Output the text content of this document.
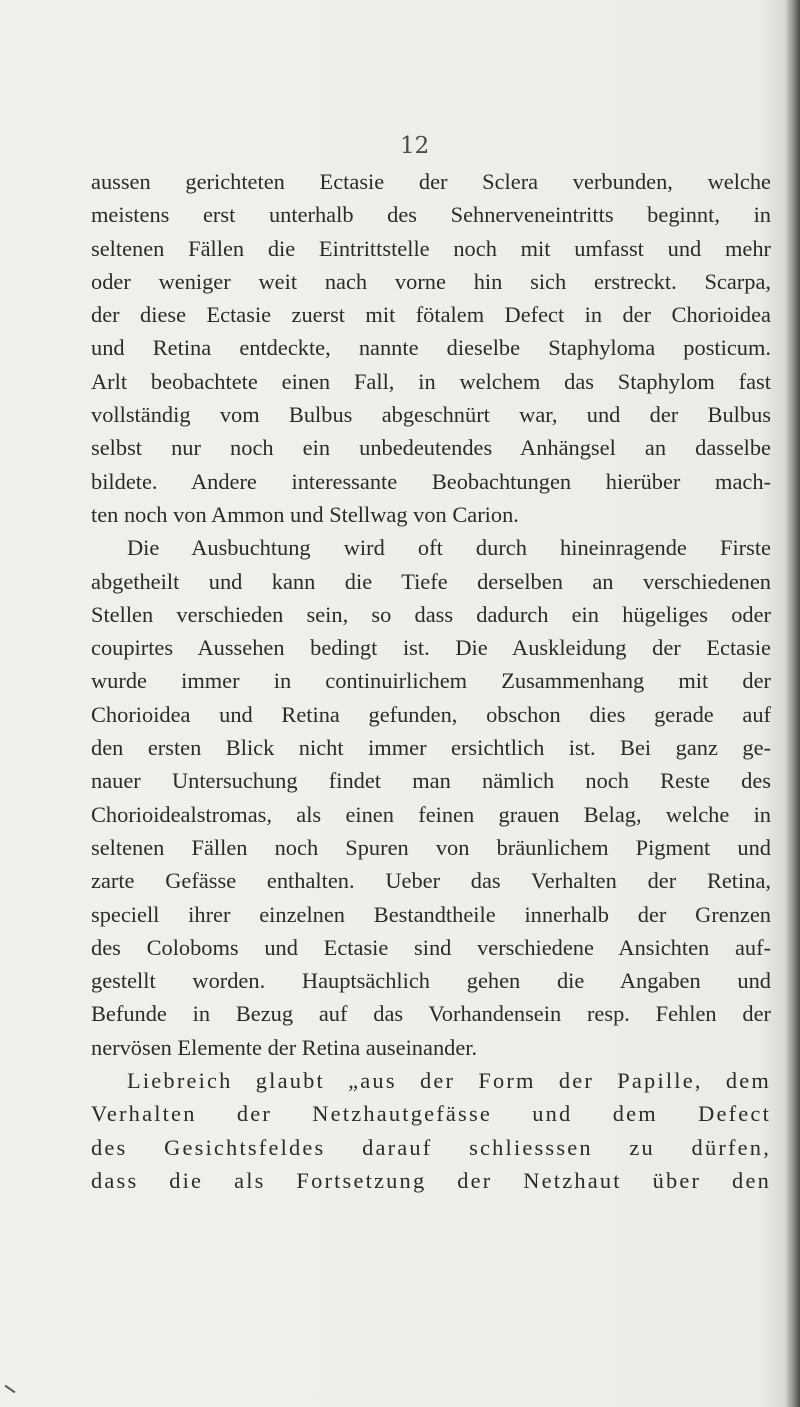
12
aussen gerichteten Ectasie der Sclera verbunden, welche
meistens erst unterhalb des Sehnerveneintritts beginnt, in
seltenen Fällen die Eintrittstelle noch mit umfasst und mehr
oder weniger weit nach vorne hin sich erstreckt. Scarpa,
der diese Ectasie zuerst mit fötalem Defect in der Chorioidea
und Retina entdeckte, nannte dieselbe Staphyloma posticum.
Arlt beobachtete einen Fall, in welchem das Staphylom fast
vollständig vom Bulbus abgeschnürt war, und der Bulbus
selbst nur noch ein unbedeutendes Anhängsel an dasselbe
bildete. Andere interessante Beobachtungen hierüber mach-
ten noch von Ammon und Stellwag von Carion.
Die Ausbuchtung wird oft durch hineinragende Firste
abgetheilt und kann die Tiefe derselben an verschiedenen
Stellen verschieden sein, so dass dadurch ein hügeliges oder
coupirtes Aussehen bedingt ist. Die Auskleidung der Ectasie
wurde immer in continuirlichem Zusammenhang mit der
Chorioidea und Retina gefunden, obschon dies gerade auf
den ersten Blick nicht immer ersichtlich ist. Bei ganz ge-
nauer Untersuchung findet man nämlich noch Reste des
Chorioidealstromas, als einen feinen grauen Belag, welche in
seltenen Fällen noch Spuren von bräunlichem Pigment und
zarte Gefässe enthalten. Ueber das Verhalten der Retina,
speciell ihrer einzelnen Bestandtheile innerhalb der Grenzen
des Coloboms und Ectasie sind verschiedene Ansichten auf-
gestellt worden. Hauptsächlich gehen die Angaben und
Befunde in Bezug auf das Vorhandensein resp. Fehlen der
nervösen Elemente der Retina auseinander.
Liebreich glaubt „aus der Form der Papille, dem
Verhalten der Netzhautgefässe und dem Defect
des Gesichtsfeldes darauf schliesssen zu dürfen,
dass die als Fortsetzung der Netzhaut über den
